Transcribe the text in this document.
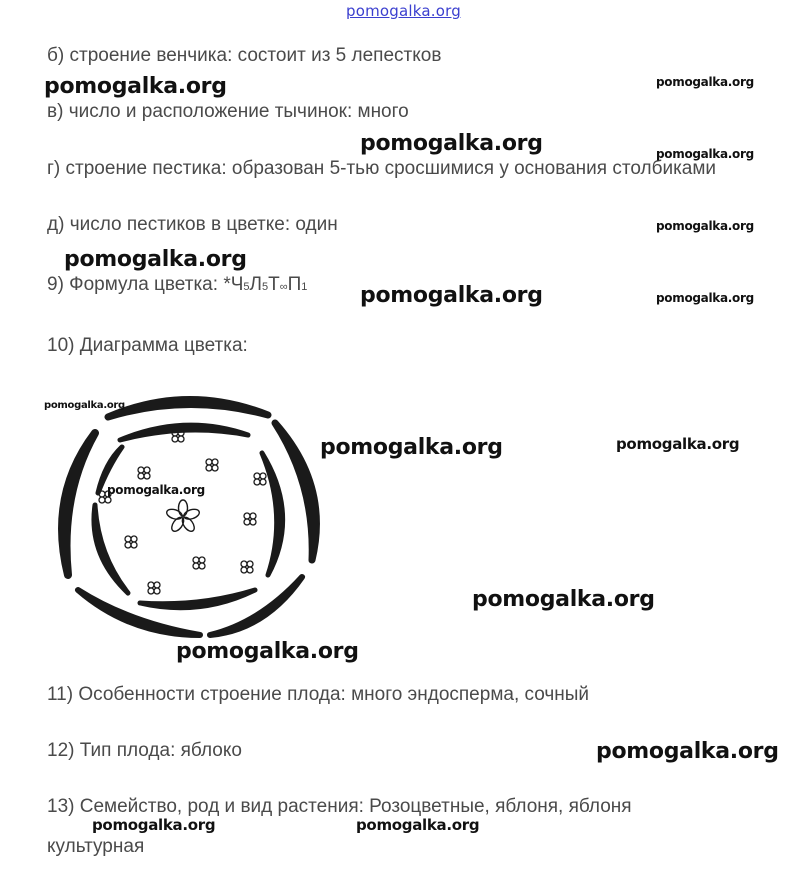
pomogalka.org
б) строение венчика: состоит из 5 лепестков
в) число и расположение тычинок: много
г) строение пестика: образован 5-тью сросшимися у основания столбиками
д) число пестиков в цветке: один
9) Формула цветка: *Ч5Л5Т∞П1
10) Диаграмма цветка:
11) Особенности строение плода: много эндосперма, сочный
12) Тип плода: яблоко
13) Семейство, род и вид растения: Розоцветные, яблоня, яблоня
культурная
pomogalka.org	pomogalka.org
pomogalka.org	pomogalka.org
pomogalka.org
pomogalka.org
pomogalka.org	pomogalka.org
pomogalka.org
pomogalka.org	pomogalka.org
pomogalka.org
pomogalka.org
pomogalka.org
pomogalka.org
pomogalka.org	pomogalka.org
